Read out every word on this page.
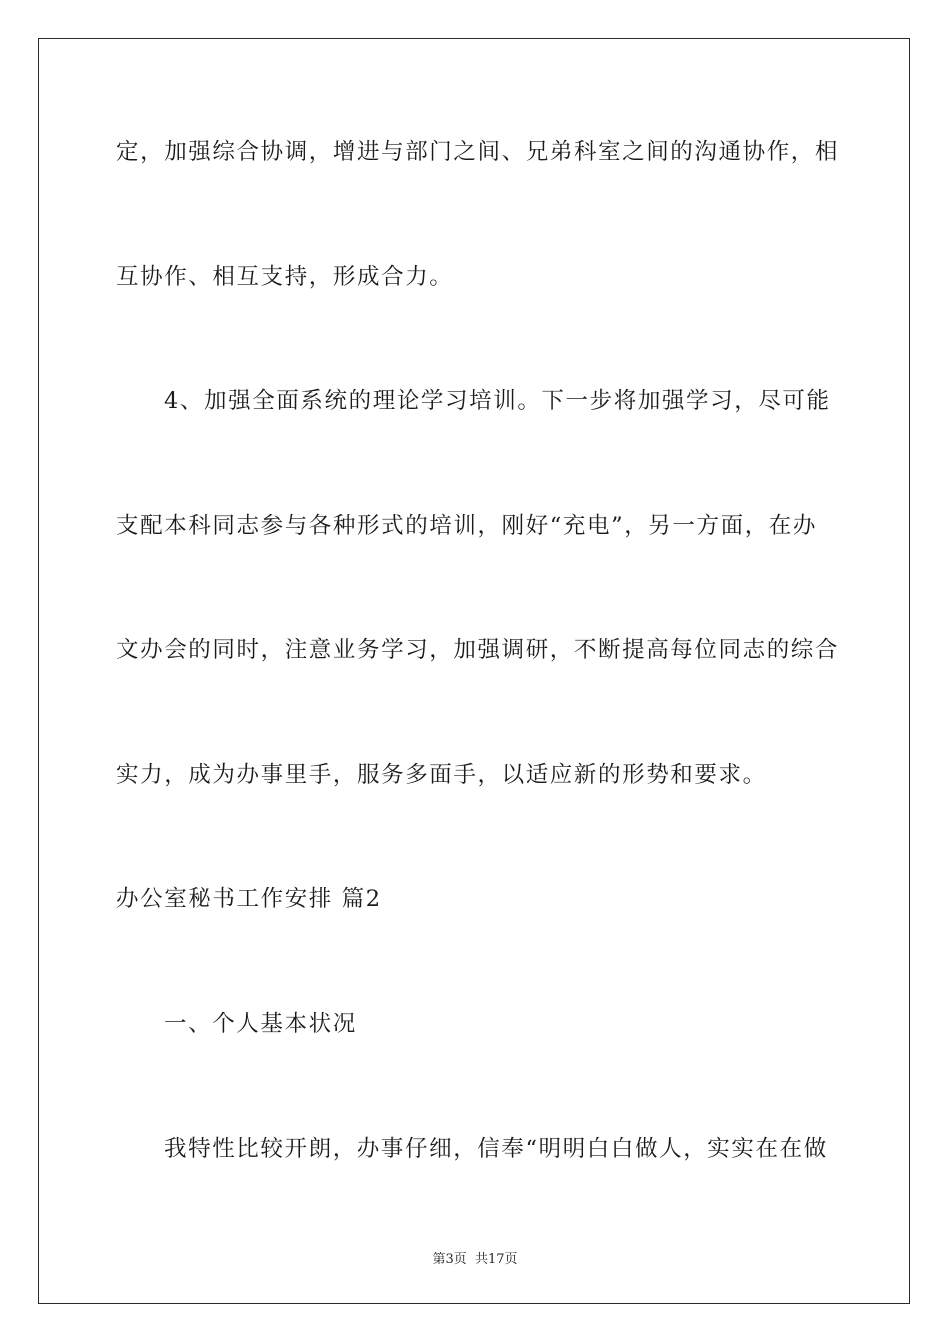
定，加强综合协调，增进与部门之间、兄弟科室之间的沟通协作，相
互协作、相互支持，形成合力。
4、加强全面系统的理论学习培训。下一步将加强学习，尽可能
支配本科同志参与各种形式的培训，刚好“充电”，另一方面，在办
文办会的同时，注意业务学习，加强调研，不断提高每位同志的综合
实力，成为办事里手，服务多面手，以适应新的形势和要求。
办公室秘书工作安排 篇2
一、个人基本状况
我特性比较开朗，办事仔细，信奉“明明白白做人，实实在在做
第3页  共17页
